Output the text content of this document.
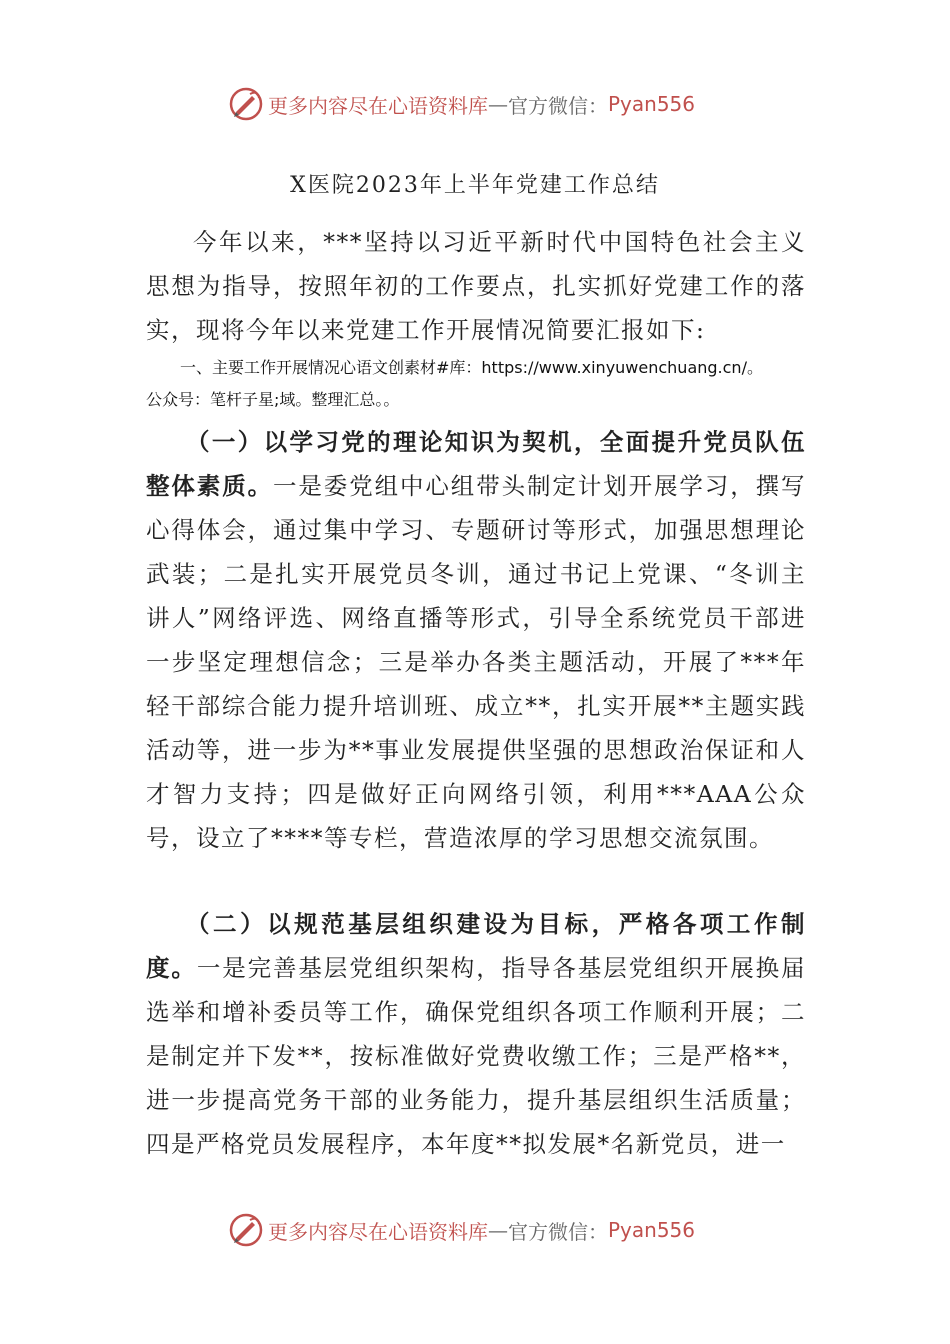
更多内容尽在心语资料库 — 官方微信： Pyan556
X医院2023年上半年党建工作总结
今年以来，***坚持以习近平新时代中国特色社会主义思想为指导，按照年初的工作要点，扎实抓好党建工作的落实，现将今年以来党建工作开展情况简要汇报如下:
一、主要工作开展情况心语文创素材#库：https://www.xinyuwenchuang.cn/。
公众号：笔杆子星;域。整理汇总。。
（一）以学习党的理论知识为契机，全面提升党员队伍整体素质。一是委党组中心组带头制定计划开展学习，撰写心得体会，通过集中学习、专题研讨等形式，加强思想理论武装；二是扎实开展党员冬训，通过书记上党课、“冬训主讲人”网络评选、网络直播等形式，引导全系统党员干部进一步坚定理想信念；三是举办各类主题活动，开展了***年轻干部综合能力提升培训班、成立**，扎实开展**主题实践活动等，进一步为**事业发展提供坚强的思想政治保证和人才智力支持；四是做好正向网络引领，利用***AAA公众号，设立了****等专栏，营造浓厚的学习思想交流氛围。
（二）以规范基层组织建设为目标，严格各项工作制度。一是完善基层党组织架构，指导各基层党组织开展换届选举和增补委员等工作，确保党组织各项工作顺利开展；二是制定并下发**，按标准做好党费收缴工作；三是严格**，进一步提高党务干部的业务能力，提升基层组织生活质量；四是严格党员发展程序，本年度**拟发展*名新党员，进一
更多内容尽在心语资料库 — 官方微信： Pyan556
